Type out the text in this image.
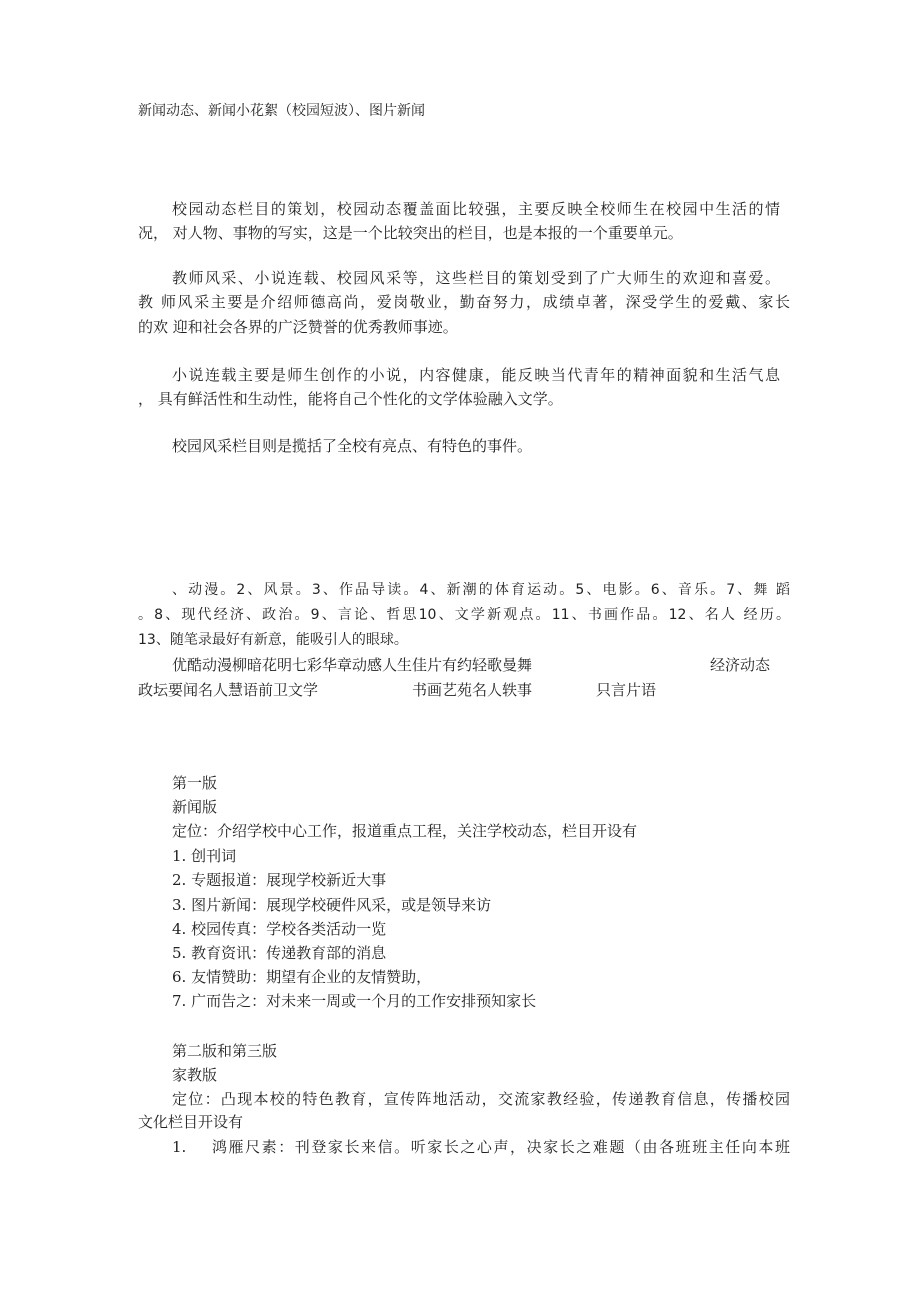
新闻动态、新闻小花絮（校园短波）、图片新闻
校园动态栏目的策划，校园动态覆盖面比较强，主要反映全校师生在校园中生活的情
况， 对人物、事物的写实，这是一个比较突出的栏目，也是本报的一个重要单元。
教师风采、小说连载、校园风采等，这些栏目的策划受到了广大师生的欢迎和喜爱。
教 师风采主要是介绍师德高尚，爱岗敬业，勤奋努力，成绩卓著，深受学生的爱戴、家长
的欢 迎和社会各界的广泛赞誉的优秀教师事迹。
小说连载主要是师生创作的小说，内容健康，能反映当代青年的精神面貌和生活气息
， 具有鲜活性和生动性，能将自己个性化的文学体验融入文学。
校园风采栏目则是揽括了全校有亮点、有特色的事件。
、动漫。2、风景。3、作品导读。4、新潮的体育运动。5、电影。6、音乐。7、舞 蹈
。8、现代经济、政治。9、言论、哲思10、文学新观点。11、书画作品。12、名人 经历。
13、随笔录最好有新意，能吸引人的眼球。
优酷动漫柳暗花明七彩华章动感人生佳片有约轻歌曼舞	经济动态
政坛要闻名人慧语前卫文学	书画艺苑名人轶事	只言片语
第一版
新闻版
定位：介绍学校中心工作，报道重点工程，关注学校动态，栏目开设有
1. 创刊词
2. 专题报道：展现学校新近大事
3. 图片新闻：展现学校硬件风采，或是领导来访
4. 校园传真：学校各类活动一览
5. 教育资讯：传递教育部的消息
6. 友情赞助：期望有企业的友情赞助，
7. 广而告之：对未来一周或一个月的工作安排预知家长
第二版和第三版
家教版
定位：凸现本校的特色教育，宣传阵地活动，交流家教经验，传递教育信息，传播校园
文化栏目开设有
1. 鸿雁尺素：刊登家长来信。听家长之心声，决家长之难题（由各班班主任向本班
